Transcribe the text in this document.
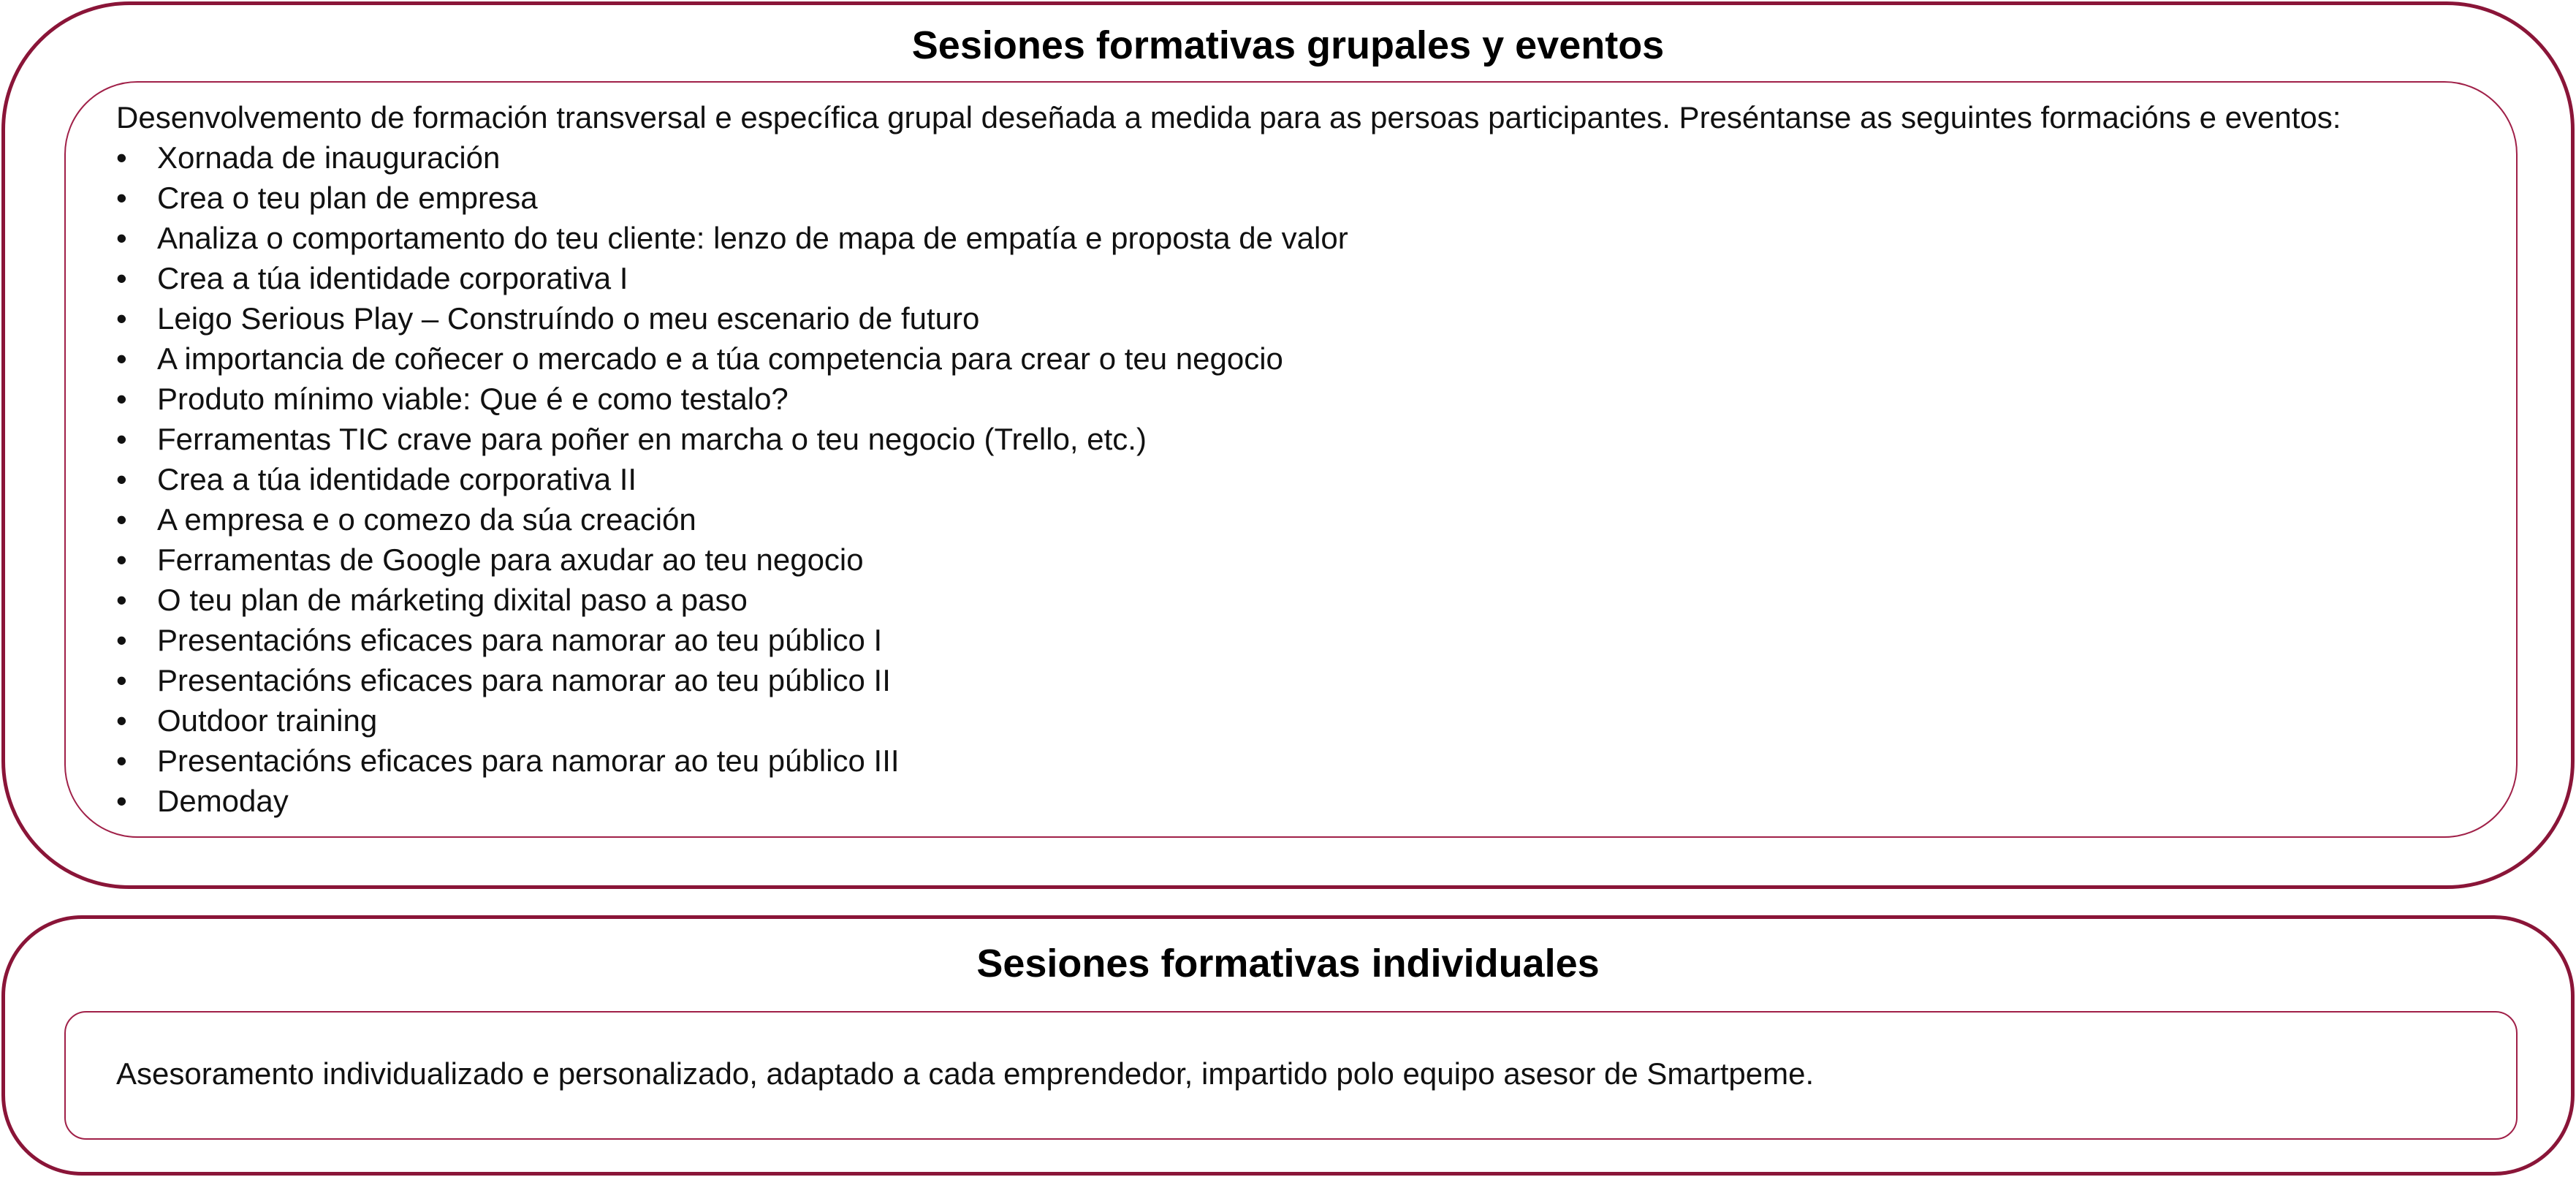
Sesiones formativas grupales y eventos

Desenvolvemento de formación transversal e específica grupal deseñada a medida para as persoas participantes. Preséntanse as seguintes formacións e eventos:

• Xornada de inauguración
• Crea o teu plan de empresa
• Analiza o comportamento do teu cliente: lenzo de mapa de empatía e proposta de valor
• Crea a túa identidade corporativa I
• Leigo Serious Play – Construíndo o meu escenario de futuro
• A importancia de coñecer o mercado e a túa competencia para crear o teu negocio
• Produto mínimo viable: Que é e como testalo?
• Ferramentas TIC crave para poñer en marcha o teu negocio (Trello, etc.)
• Crea a túa identidade corporativa II
• A empresa e o comezo da súa creación
• Ferramentas de Google para axudar ao teu negocio
• O teu plan de márketing dixital paso a paso
• Presentacións eficaces para namorar ao teu público I
• Presentacións eficaces para namorar ao teu público II
• Outdoor training
• Presentacións eficaces para namorar ao teu público III
• Demoday
Sesiones formativas individuales

Asesoramento individualizado e personalizado, adaptado a cada emprendedor, impartido polo equipo asesor de Smartpeme.
